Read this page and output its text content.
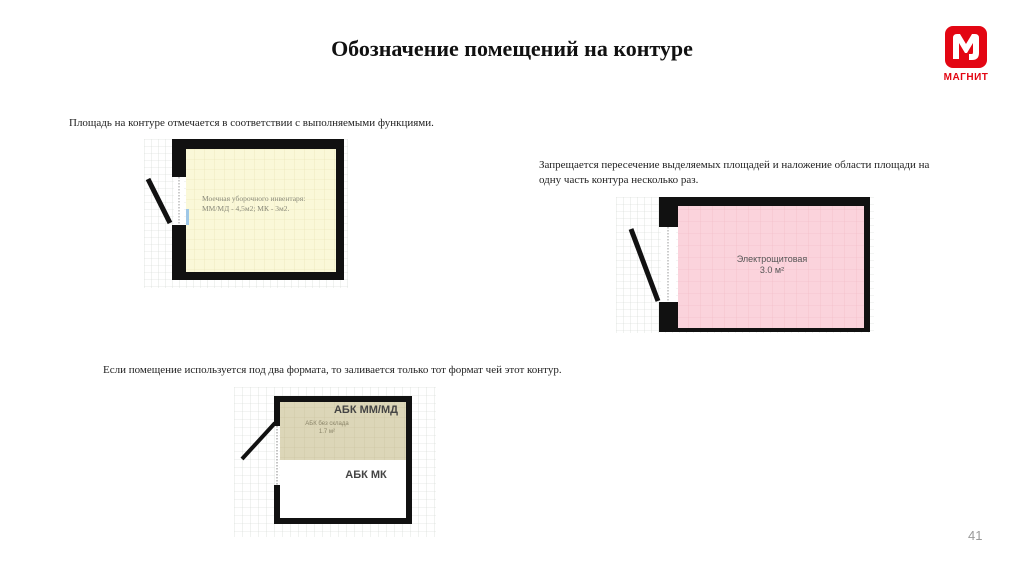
Обозначение помещений на контуре
МАГНИТ
Площадь на контуре отмечается в соответствии с выполняемыми функциями.
Моечная уборочного инвентаря:
ММ/МД - 4,5м2; МК - 3м2.
Запрещается пересечение выделяемых площадей и наложение области площади на
одну часть контура несколько раз.
Электрощитовая
3.0 м²
Если помещение используется под два формата, то заливается только тот формат чей этот контур.
АБК ММ/МД
АБК без склада
1.7 м²
АБК МК
41
